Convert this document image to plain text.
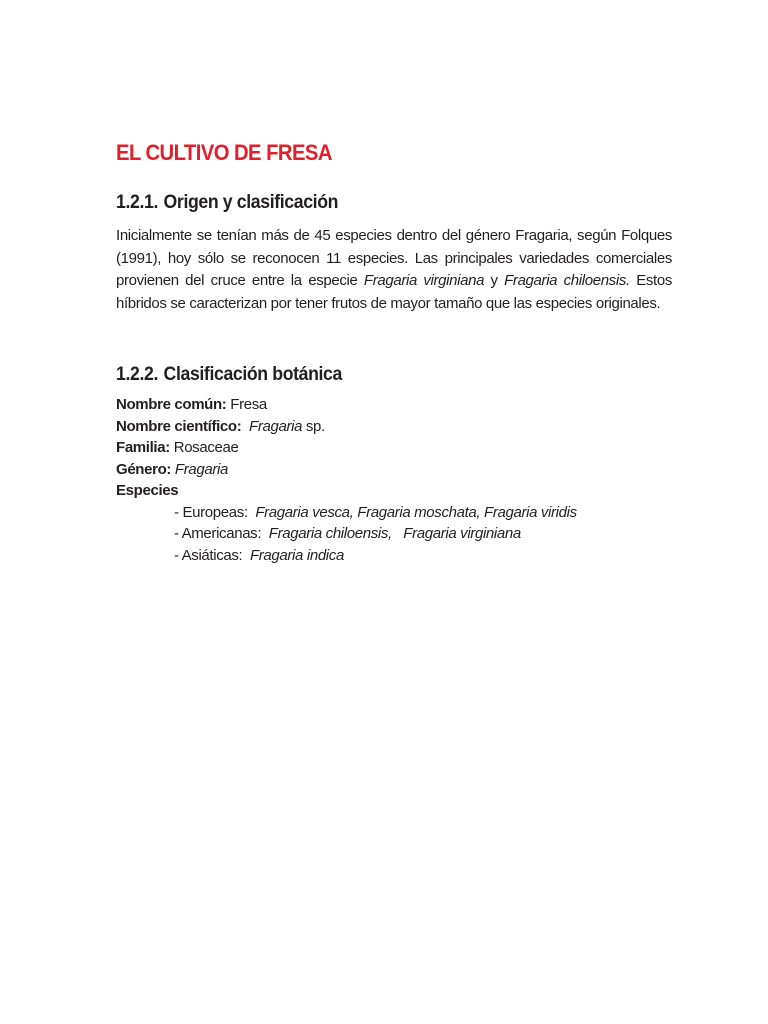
EL CULTIVO DE FRESA
1.2.1. Origen y clasificación

Inicialmente se tenían más de 45 especies dentro del género Fragaria, según Folques (1991), hoy sólo se reconocen 11 especies. Las principales variedades comerciales provienen del cruce entre la especie Fragaria virginiana y Fragaria chiloensis. Estos híbridos se caracterizan por tener frutos de mayor tamaño que las especies originales.

1.2.2. Clasificación botánica
Nombre común: Fresa
Nombre científico: Fragaria sp.
Familia: Rosaceae
Género: Fragaria
Especies
- Europeas: Fragaria vesca, Fragaria moschata, Fragaria viridis
- Americanas: Fragaria chiloensis,   Fragaria virginiana
- Asiáticas: Fragaria indica
